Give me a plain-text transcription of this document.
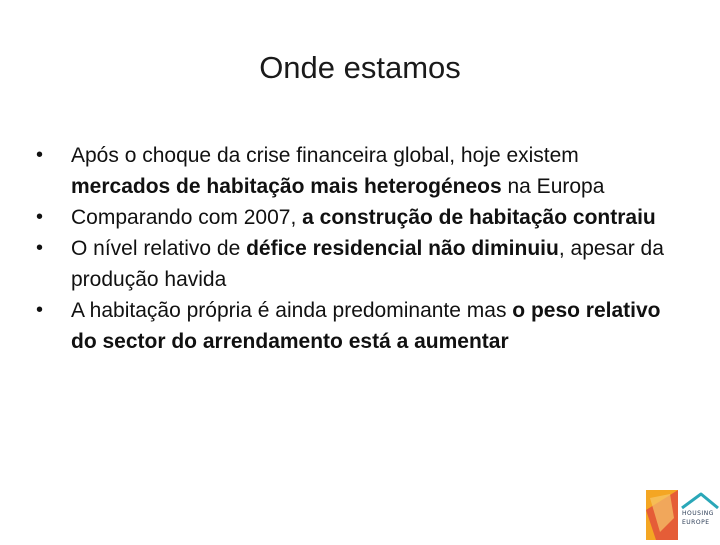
Onde estamos
• Após o choque da crise financeira global, hoje existem mercados de habitação mais heterogéneos na Europa
• Comparando com 2007, a construção de habitação contraiu
• O nível relativo de défice residencial não diminuiu, apesar da produção havida
• A habitação própria é ainda predominante mas o peso relativo do sector do arrendamento está a aumentar
HOUSING
EUROPE
